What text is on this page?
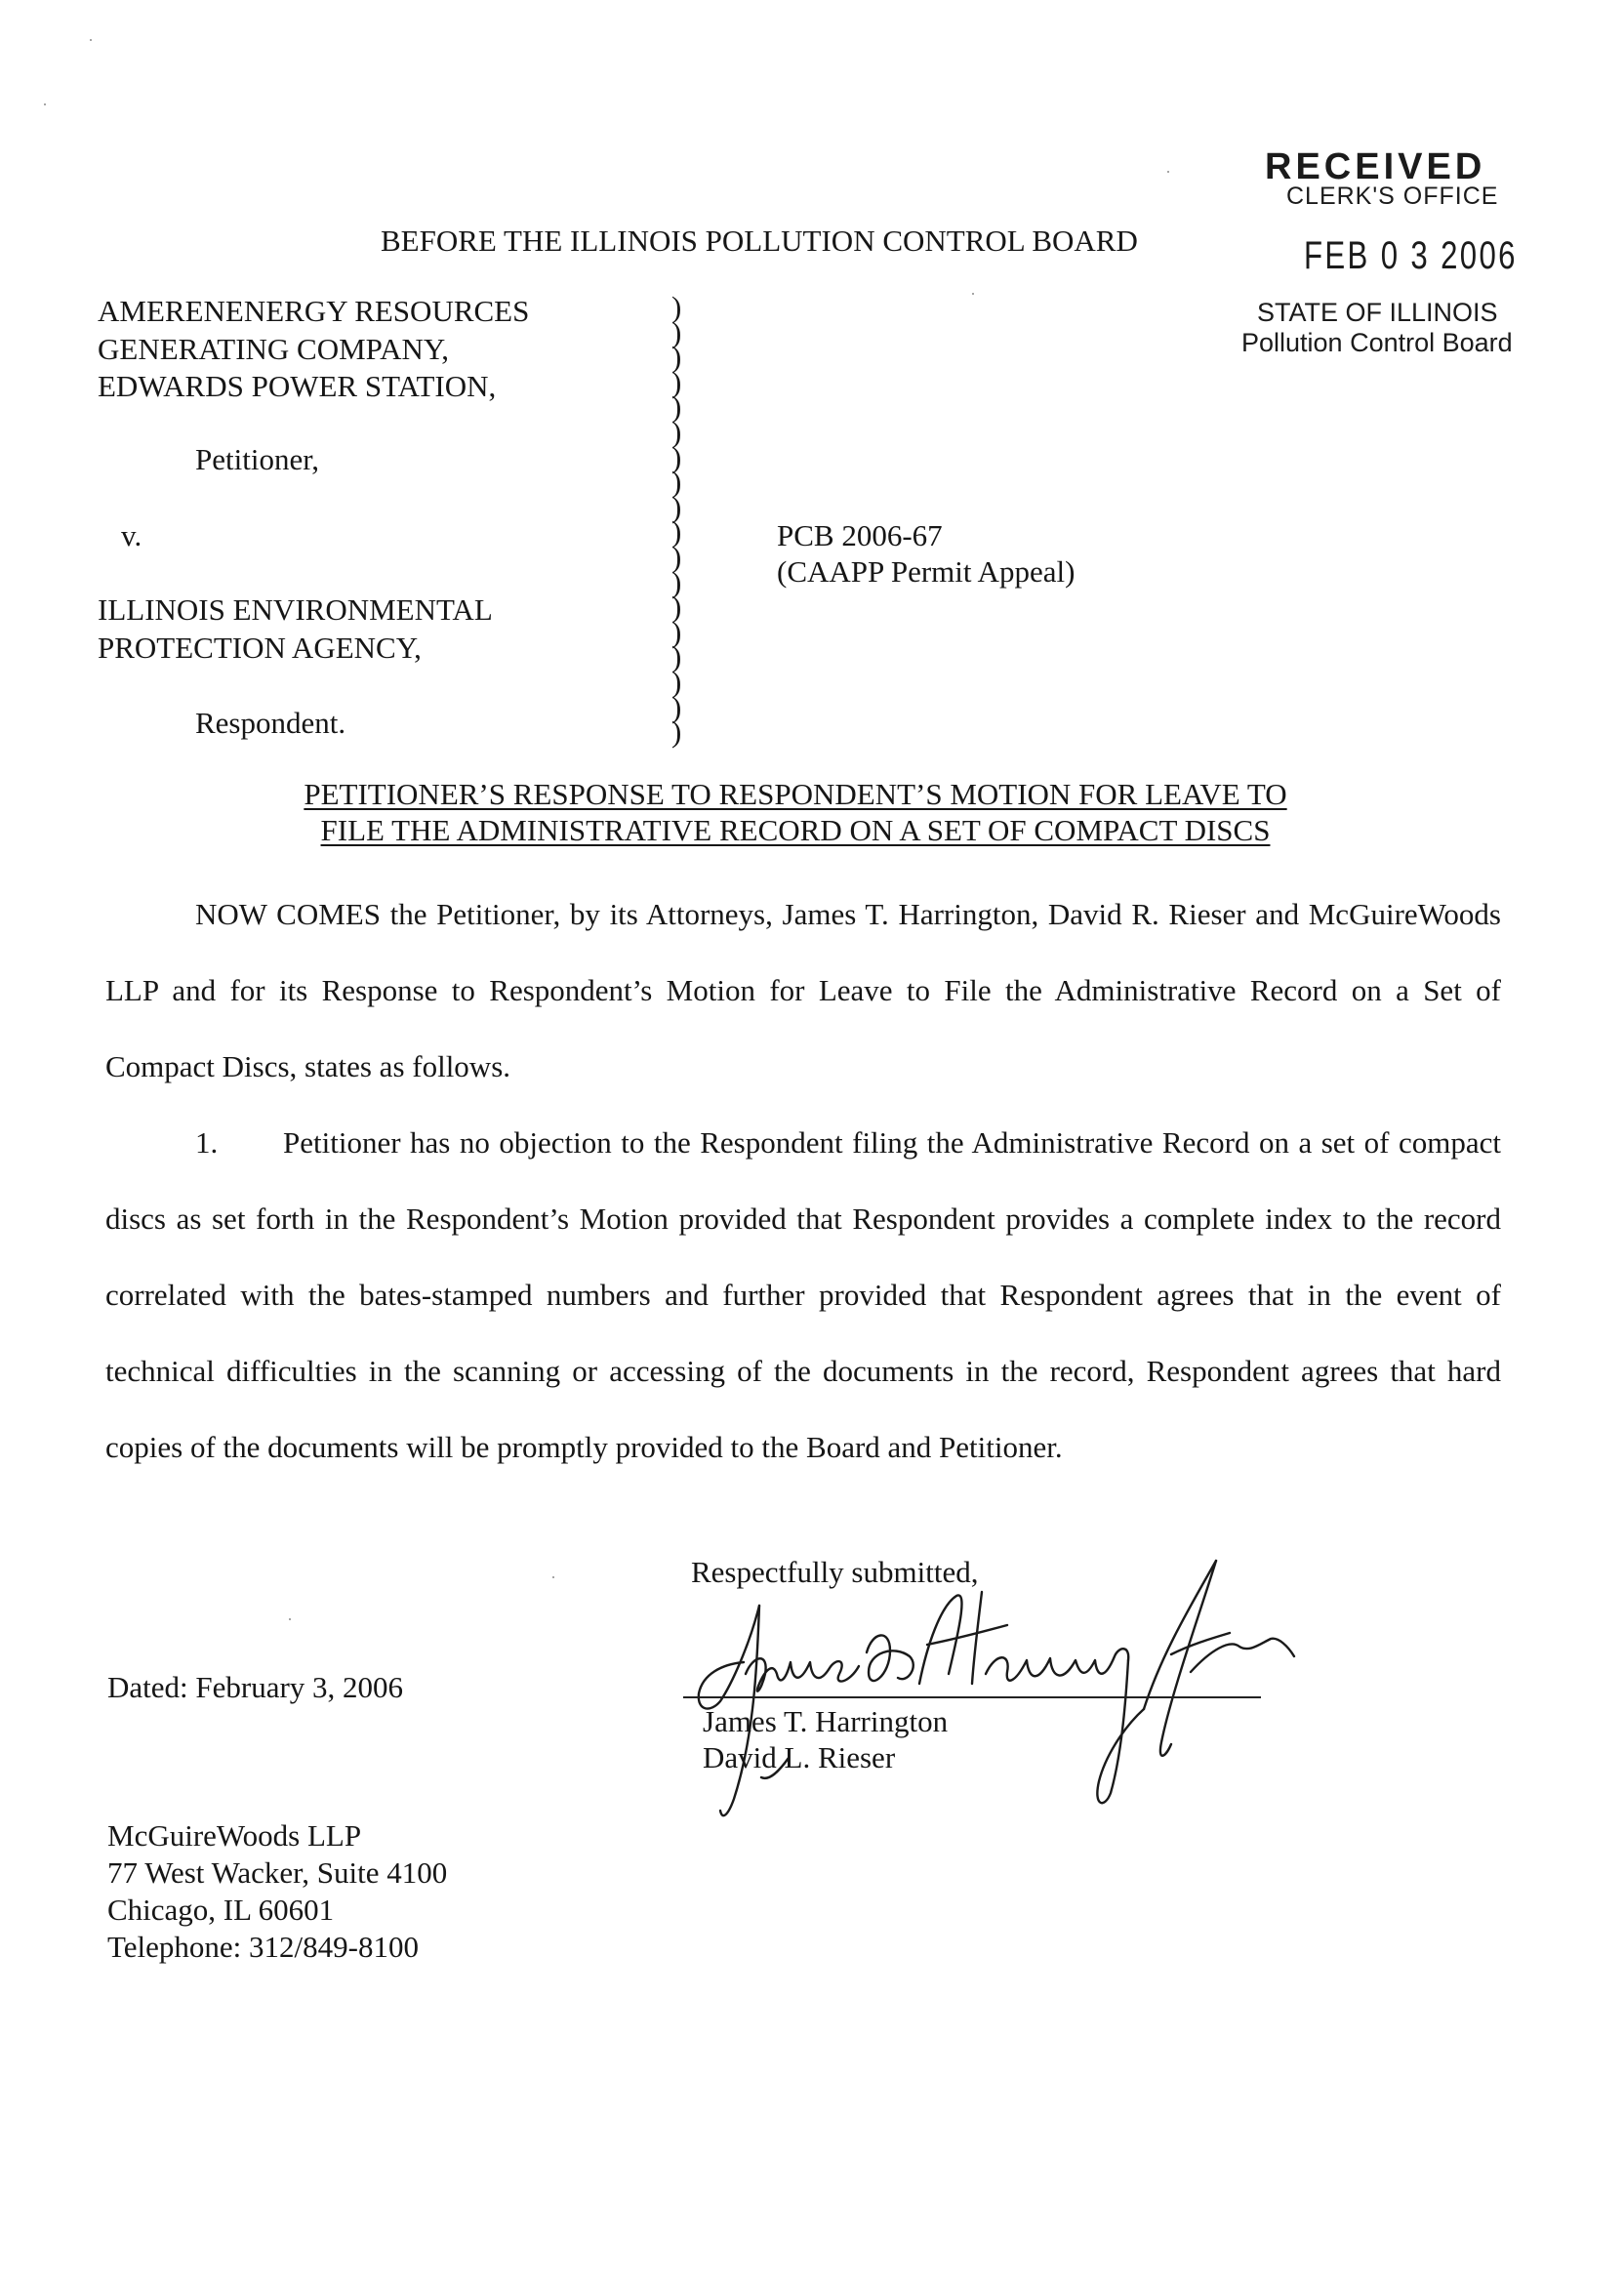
RECEIVED
CLERK'S OFFICE
FEB 0 3 2006
STATE OF ILLINOIS
Pollution Control Board
BEFORE THE ILLINOIS POLLUTION CONTROL BOARD

AMERENENERGY RESOURCES

GENERATING COMPANY,

EDWARDS POWER STATION,

Petitioner,
v.

ILLINOIS ENVIRONMENTAL

PROTECTION AGENCY,

Respondent.
)
)
)
)
)
)
)
)
)
)
)
)
)
)
)
)
)
)
PCB 2006-67
(CAAPP Permit Appeal)
PETITIONER’S RESPONSE TO RESPONDENT’S MOTION FOR LEAVE TO
FILE THE ADMINISTRATIVE RECORD ON A SET OF COMPACT DISCS

NOW COMES the Petitioner, by its Attorneys, James T. Harrington, David R. Rieser and McGuireWoods LLP and for its Response to Respondent’s Motion for Leave to File the Administrative Record on a Set of Compact Discs, states as follows.

1. Petitioner has no objection to the Respondent filing the Administrative Record on a set of compact discs as set forth in the Respondent’s Motion provided that Respondent provides a complete index to the record correlated with the bates-stamped numbers and further provided that Respondent agrees that in the event of technical difficulties in the scanning or accessing of the documents in the record, Respondent agrees that hard copies of the documents will be promptly provided to the Board and Petitioner.

Respectfully submitted,
Dated: February 3, 2006
James T. Harrington
David L. Rieser
McGuireWoods LLP
77 West Wacker, Suite 4100
Chicago, IL 60601
Telephone: 312/849-8100
